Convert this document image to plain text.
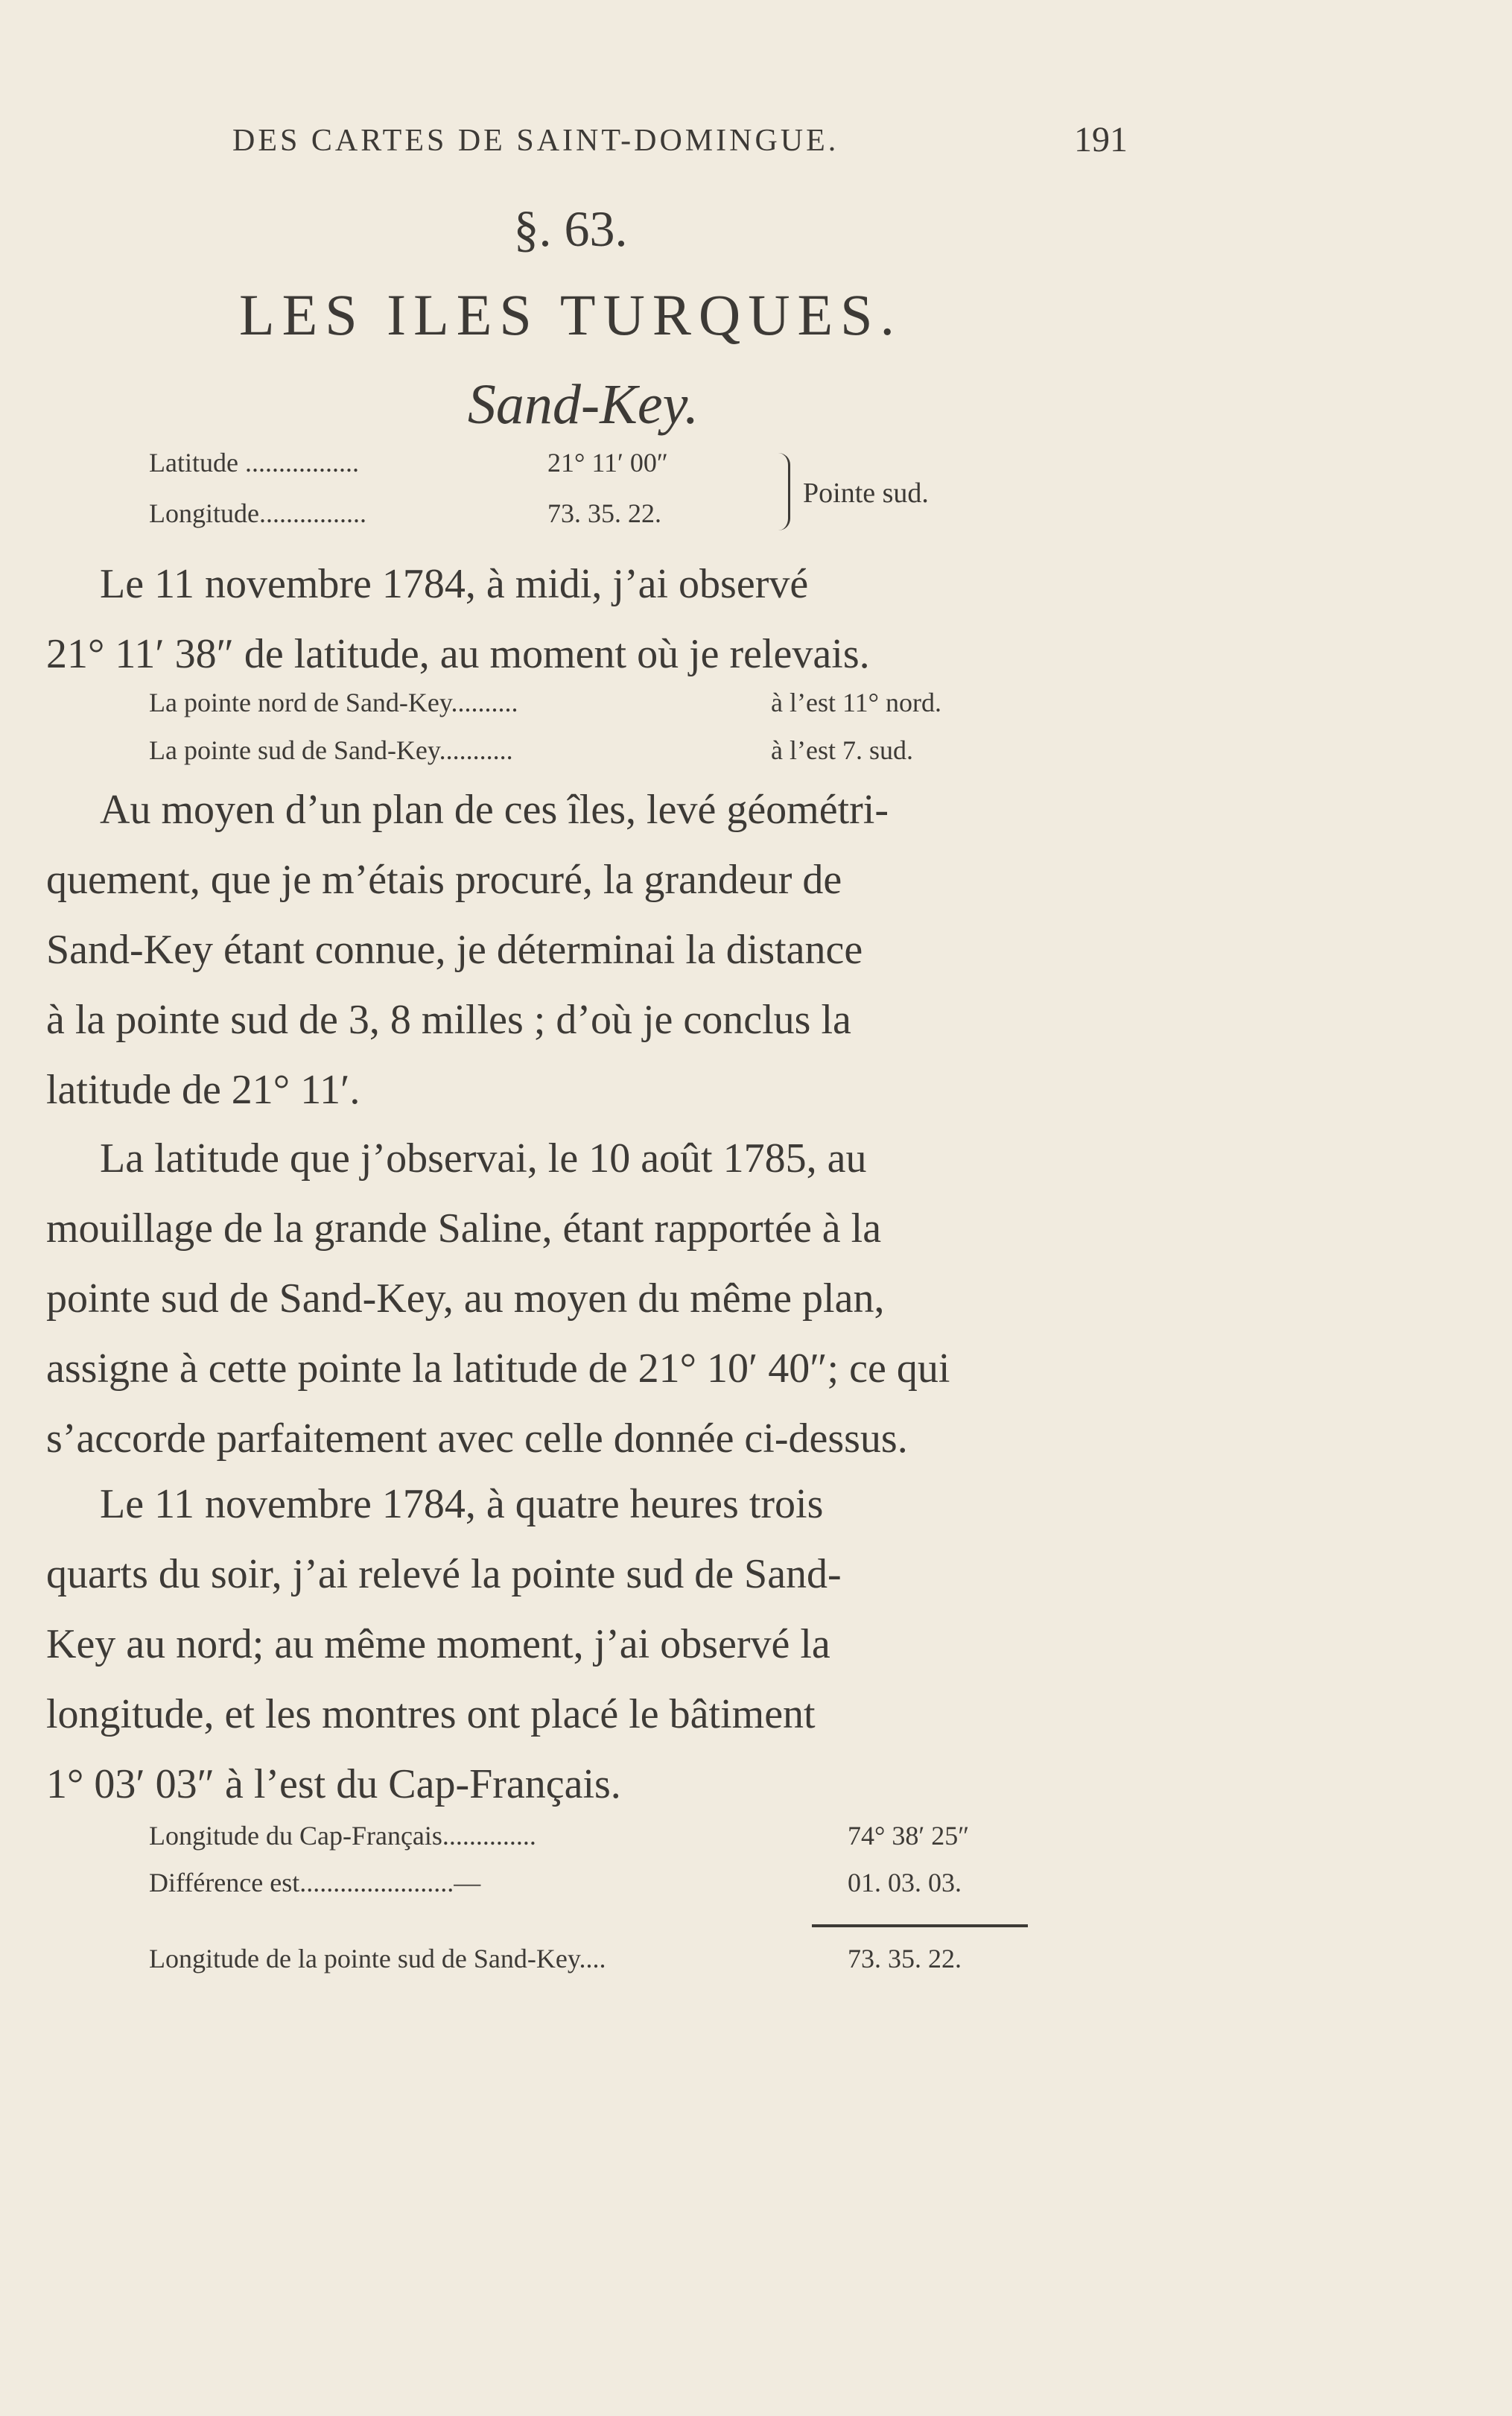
DES CARTES DE SAINT-DOMINGUE.	191
§. 63.
LES ILES TURQUES.
Sand-Key.
Latitude .................	21° 11′ 00″
Longitude................	73. 35. 22.
Pointe sud.
Le 11 novembre 1784, à midi, j’ai observé
21° 11′ 38″ de latitude, au moment où je relevais.
La pointe nord de Sand-Key..........	à l’est 11° nord.
La pointe sud de Sand-Key...........	à l’est 7. sud.
Au moyen d’un plan de ces îles, levé géométri-
quement, que je m’étais procuré, la grandeur de
Sand-Key étant connue, je déterminai la distance
à la pointe sud de 3, 8 milles ; d’où je conclus la
latitude de 21° 11′.
La latitude que j’observai, le 10 août 1785, au
mouillage de la grande Saline, étant rapportée à la
pointe sud de Sand-Key, au moyen du même plan,
assigne à cette pointe la latitude de 21° 10′ 40″; ce qui
s’accorde parfaitement avec celle donnée ci-dessus.
Le 11 novembre 1784, à quatre heures trois
quarts du soir, j’ai relevé la pointe sud de Sand-
Key au nord; au même moment, j’ai observé la
longitude, et les montres ont placé le bâtiment
1° 03′ 03″ à l’est du Cap-Français.
Longitude du Cap-Français..............	74° 38′ 25″
Différence est.......................—	01. 03. 03.
Longitude de la pointe sud de Sand-Key....	73. 35. 22.
